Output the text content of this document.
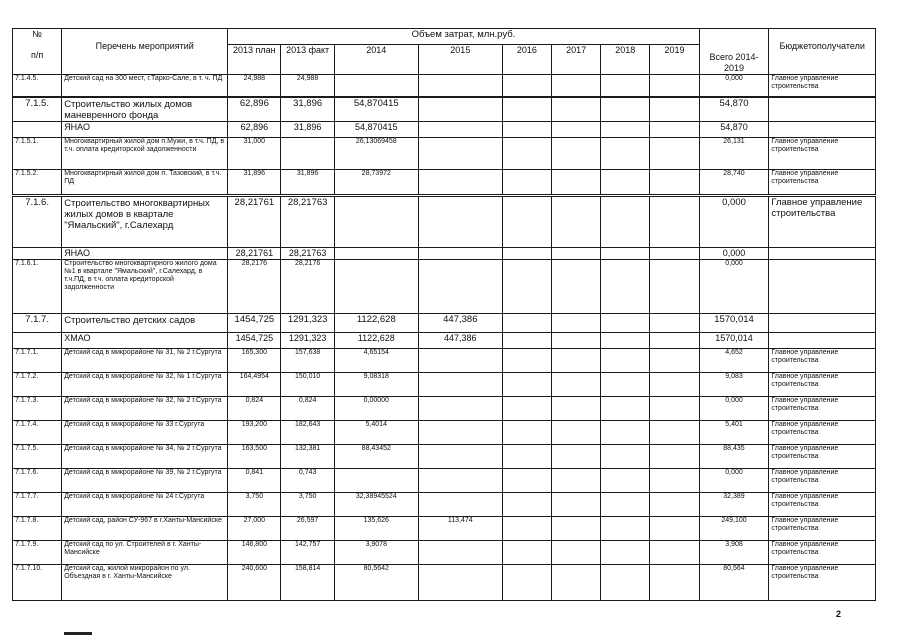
№
п/п	Перечень мероприятий	Объем затрат, млн.руб.								Всего 2014-2019	Бюджетополучатели
		2013 план	2013 факт	2014	2015	2016	2017	2018	2019		

7.1.4.5.	Детский сад на 300 мест, г.Тарко-Сале, в т. ч. ПД	24,988	24,988							0,000	Главное управление строительства
7.1.5.	Строительство жилых домов маневренного фонда	62,896	31,896	54,870415						54,870	
	ЯНАО	62,896	31,896	54,870415						54,870	
7.1.5.1.	Многоквартирный жилой дом п.Мужи, в т.ч. ПД, в т.ч. оплата кредиторской задолженности	31,000		26,13069458						26,131	Главное управление строительства
7.1.5.2.	Многоквартирный жилой дом п. Тазовский, в т.ч. ПД	31,896	31,896	28,73972						28,740	Главное управление строительства
7.1.6.	Строительство многоквартирных жилых домов в квартале "Ямальский", г.Салехард	28,21761	28,21763							0,000	Главное управление строительства
	ЯНАО	28,21761	28,21763							0,000	
7.1.6.1.	Строительство многоквартирного жилого дома №1 в квартале "Ямальский", г.Салехард, в т.ч.ПД, в т.ч. оплата кредиторской задолженности	28,2176	28,2176							0,000	
7.1.7.	Строительство детских садов	1454,725	1291,323	1122,628	447,386					1570,014	
	ХМАО	1454,725	1291,323	1122,628	447,386					1570,014	
7.1.7.1.	Детский сад в микрорайоне № 31, № 2 г.Сургута	165,300	157,638	4,65154						4,652	Главное управление строительства
7.1.7.2.	Детский сад в микрорайоне № 32, № 1 г.Сургута	164,4954	150,010	9,08318						9,083	Главное управление строительства
7.1.7.3.	Детский сад в микрорайоне № 32, № 2 г.Сургута	0,824	0,824	0,00000						0,000	Главное управление строительства
7.1.7.4.	Детский сад в микрорайоне № 33 г.Сургута	193,200	182,643	5,4014						5,401	Главное управление строительства
7.1.7.5.	Детский сад в микрорайоне № 34, № 2 г.Сургута	163,500	132,381	88,43452						88,435	Главное управление строительства
7.1.7.6.	Детский сад в микрорайоне № 39, № 2 г.Сургута	0,841	0,743							0,000	Главное управление строительства
7.1.7.7.	Детский сад в микрорайоне № 24 г.Сургута	3,750	3,750	32,38945524						32,389	Главное управление строительства
7.1.7.8.	Детский сад, район СУ-967 в г.Ханты-Мансийске	27,000	26,597	135,626	113,474					249,100	Главное управление строительства
7.1.7.9.	Детский сад по ул. Строителей в г. Ханты-Мансийске	146,800	142,757	3,9078						3,908	Главное управление строительства
7.1.7.10.	Детский сад, жилой микрорайон по ул. Объездная в г. Ханты-Мансийске	240,600	158,814	80,5642						80,564	Главное управление строительства
2
